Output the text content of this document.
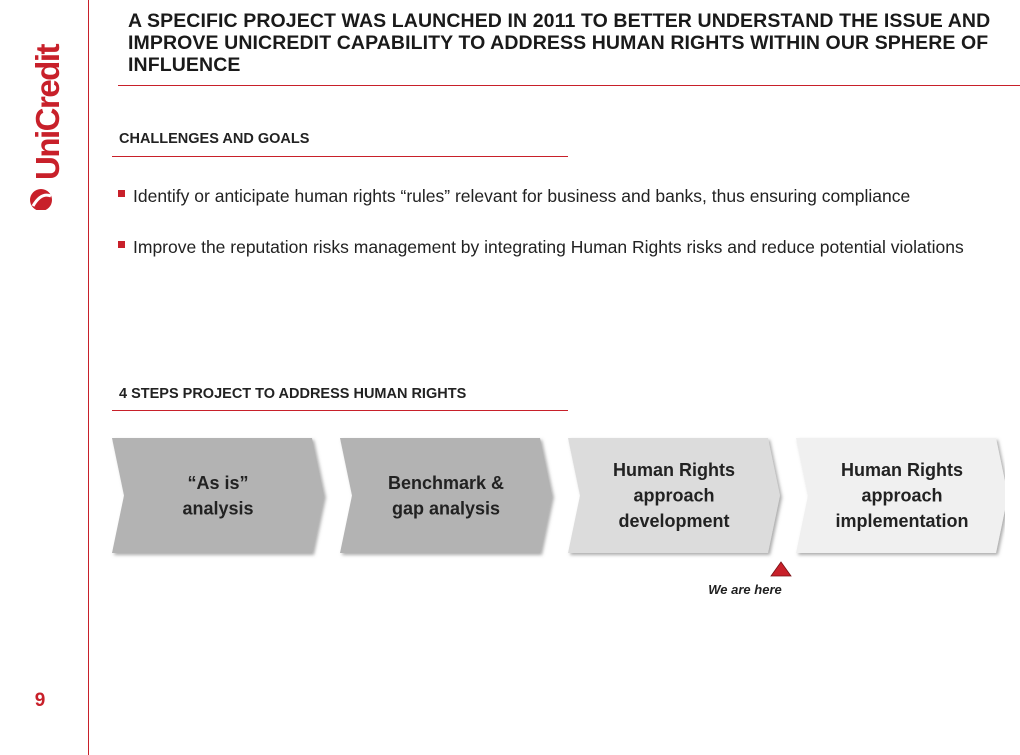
UniCredit
A SPECIFIC PROJECT WAS LAUNCHED IN 2011 TO BETTER UNDERSTAND THE ISSUE AND IMPROVE UNICREDIT CAPABILITY TO ADDRESS HUMAN RIGHTS WITHIN OUR SPHERE OF INFLUENCE
CHALLENGES AND GOALS
Identify or anticipate human rights “rules” relevant for business and banks, thus ensuring compliance
Improve the reputation risks management by integrating Human Rights risks and reduce potential violations
4 STEPS PROJECT TO ADDRESS HUMAN RIGHTS
“As is”
analysis
Benchmark &
gap analysis
Human Rights
approach
development
Human Rights
approach
implementation
We are here
9
